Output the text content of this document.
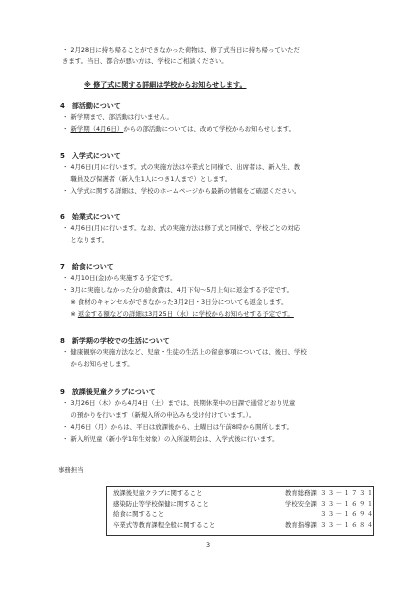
・ 2月28日に持ち帰ることができなかった荷物は、修了式当日に持ち帰っていただ
きます。当日、都合が悪い方は、学校にご相談ください。
※ 修了式に関する詳細は学校からお知らせします。
4　 部活動について
・ 新学期まで、部活動は行いません。
・ 新学期（4月6日）からの部活動については、改めて学校からお知らせします。
5　 入学式について
・ 4月6日(月)に行います。式の実施方法は卒業式と同様で、出席者は、新入生、教
　 職員及び保護者（新入生1人につき1人まで）とします。
・ 入学式に関する詳細は、学校のホームページから最新の情報をご確認ください。
6　 始業式について
・ 4月6日(月)に行います。なお、式の実施方法は修了式と同様で、学校ごとの対応
　 となります。
7　 給食について
・ 4月10日(金)から実施する予定です。
・ 3月に実施しなかった分の給食費は、4月下旬～5月上旬に返金する予定です。
　 ※ 食材のキャンセルができなかった3月2日・3日分についても返金します。
　 ※ 返金する額などの詳細は3月25日（水）に学校からお知らせする予定です。
8　 新学期の学校での生活について
・ 健康観察の実施方法など、児童・生徒の生活上の留意事項については、後日、学校
　 からお知らせします。
9　 放課後児童クラブについて
・ 3月26日（木）から4月4日（土）までは、長期休業中の日課で通常どおり児童
　 の預かりを行います（新規入所の申込みも受け付けています。）。
・ 4月6日（月）からは、平日は放課後から、土曜日は午前8時から開所します。
・ 新入所児童（新小学1年生対象）の入所説明会は、入学式後に行います。
事務担当
放課後児童クラブに関すること	教育総務課 ３３－１７３１
感染防止等学校保健に関すること	学校安全課 ３３－１６９１
給食に関すること	３３－１６９４
卒業式等教育課程全般に関すること	教育指導課 ３３－１６８４
3
